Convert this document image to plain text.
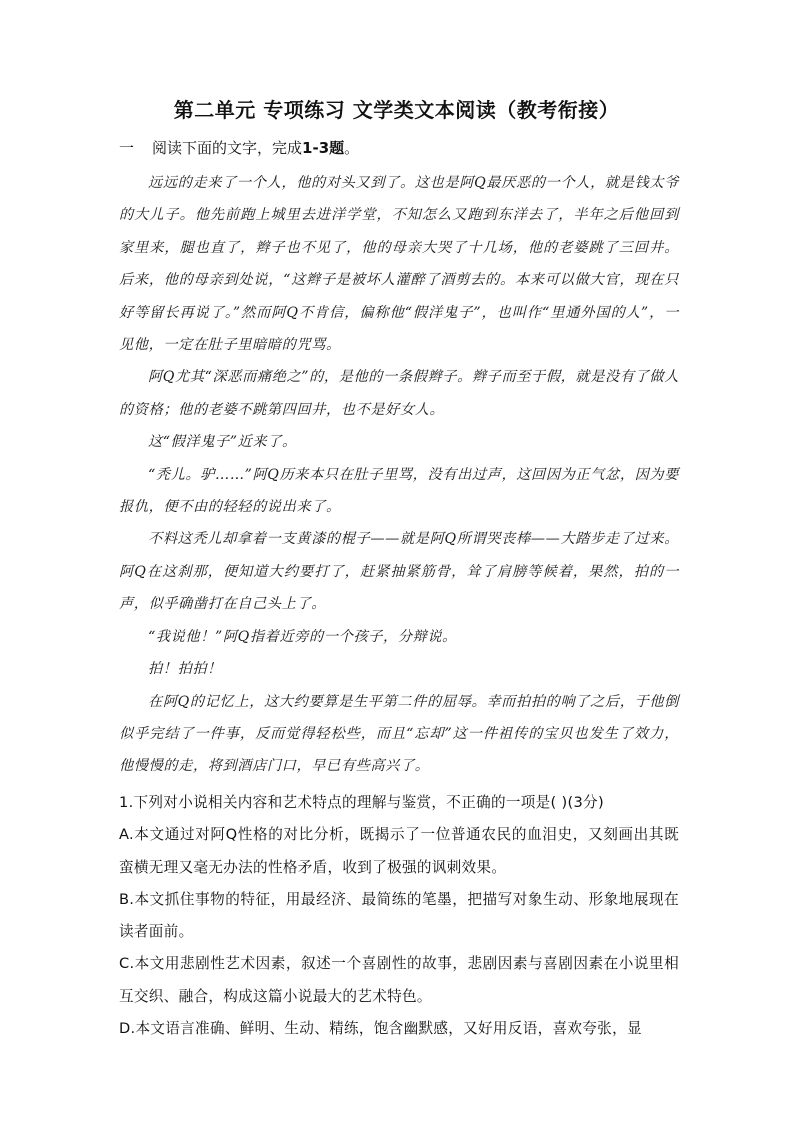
第二单元 专项练习 文学类文本阅读（教考衔接）
一 阅读下面的文字，完成1-3题。

远远的走来了一个人，他的对头又到了。这也是阿Q最厌恶的一个人，就是钱太爷的大儿子。他先前跑上城里去进洋学堂，不知怎么又跑到东洋去了，半年之后他回到家里来，腿也直了，辫子也不见了，他的母亲大哭了十几场，他的老婆跳了三回井。后来，他的母亲到处说，“这辫子是被坏人灌醉了酒剪去的。本来可以做大官，现在只好等留长再说了。”然而阿Q不肯信，偏称他“假洋鬼子”，也叫作“里通外国的人”，一见他，一定在肚子里暗暗的咒骂。

阿Q尤其“深恶而痛绝之”的，是他的一条假辫子。辫子而至于假，就是没有了做人的资格；他的老婆不跳第四回井，也不是好女人。

这“假洋鬼子”近来了。

“秃儿。驴……”阿Q历来本只在肚子里骂，没有出过声，这回因为正气忿，因为要报仇，便不由的轻轻的说出来了。

不料这秃儿却拿着一支黄漆的棍子——就是阿Q所谓哭丧棒——大踏步走了过来。阿Q在这刹那，便知道大约要打了，赶紧抽紧筋骨，耸了肩膀等候着，果然，拍的一声，似乎确凿打在自己头上了。

“我说他！”阿Q指着近旁的一个孩子，分辩说。

拍！拍拍！

在阿Q的记忆上，这大约要算是生平第二件的屈辱。幸而拍拍的响了之后，于他倒似乎完结了一件事，反而觉得轻松些，而且“忘却”这一件祖传的宝贝也发生了效力，他慢慢的走，将到酒店门口，早已有些高兴了。

1.下列对小说相关内容和艺术特点的理解与鉴赏，不正确的一项是( )(3分)

A.本文通过对阿Q性格的对比分析，既揭示了一位普通农民的血泪史，又刻画出其既蛮横无理又毫无办法的性格矛盾，收到了极强的讽刺效果。

B.本文抓住事物的特征，用最经济、最简练的笔墨，把描写对象生动、形象地展现在读者面前。

C.本文用悲剧性艺术因素，叙述一个喜剧性的故事，悲剧因素与喜剧因素在小说里相互交织、融合，构成这篇小说最大的艺术特色。

D.本文语言准确、鲜明、生动、精练，饱含幽默感，又好用反语，喜欢夸张，显
